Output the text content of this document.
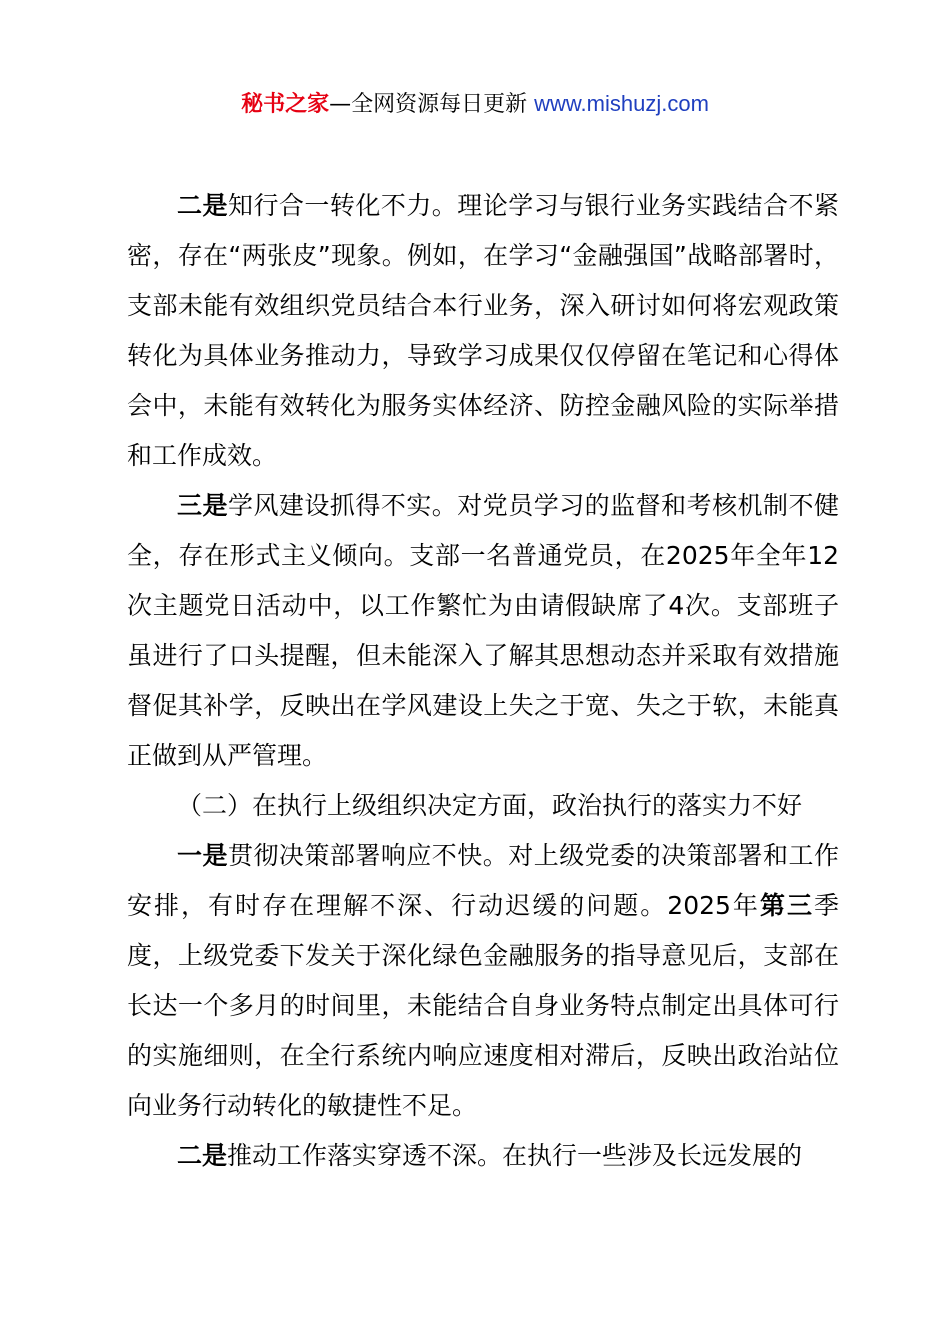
秘书之家—全网资源每日更新 www.mishuzj.com

二是知行合一转化不力。理论学习与银行业务实践结合不紧密，存在“两张皮”现象。例如，在学习“金融强国”战略部署时，支部未能有效组织党员结合本行业务，深入研讨如何将宏观政策转化为具体业务推动力，导致学习成果仅仅停留在笔记和心得体会中，未能有效转化为服务实体经济、防控金融风险的实际举措和工作成效。

三是学风建设抓得不实。对党员学习的监督和考核机制不健全，存在形式主义倾向。支部一名普通党员，在2025年全年12次主题党日活动中，以工作繁忙为由请假缺席了4次。支部班子虽进行了口头提醒，但未能深入了解其思想动态并采取有效措施督促其补学，反映出在学风建设上失之于宽、失之于软，未能真正做到从严管理。

（二）在执行上级组织决定方面，政治执行的落实力不好

一是贯彻决策部署响应不快。对上级党委的决策部署和工作安排，有时存在理解不深、行动迟缓的问题。2025年第三季度，上级党委下发关于深化绿色金融服务的指导意见后，支部在长达一个多月的时间里，未能结合自身业务特点制定出具体可行的实施细则，在全行系统内响应速度相对滞后，反映出政治站位向业务行动转化的敏捷性不足。

二是推动工作落实穿透不深。在执行一些涉及长远发展的
